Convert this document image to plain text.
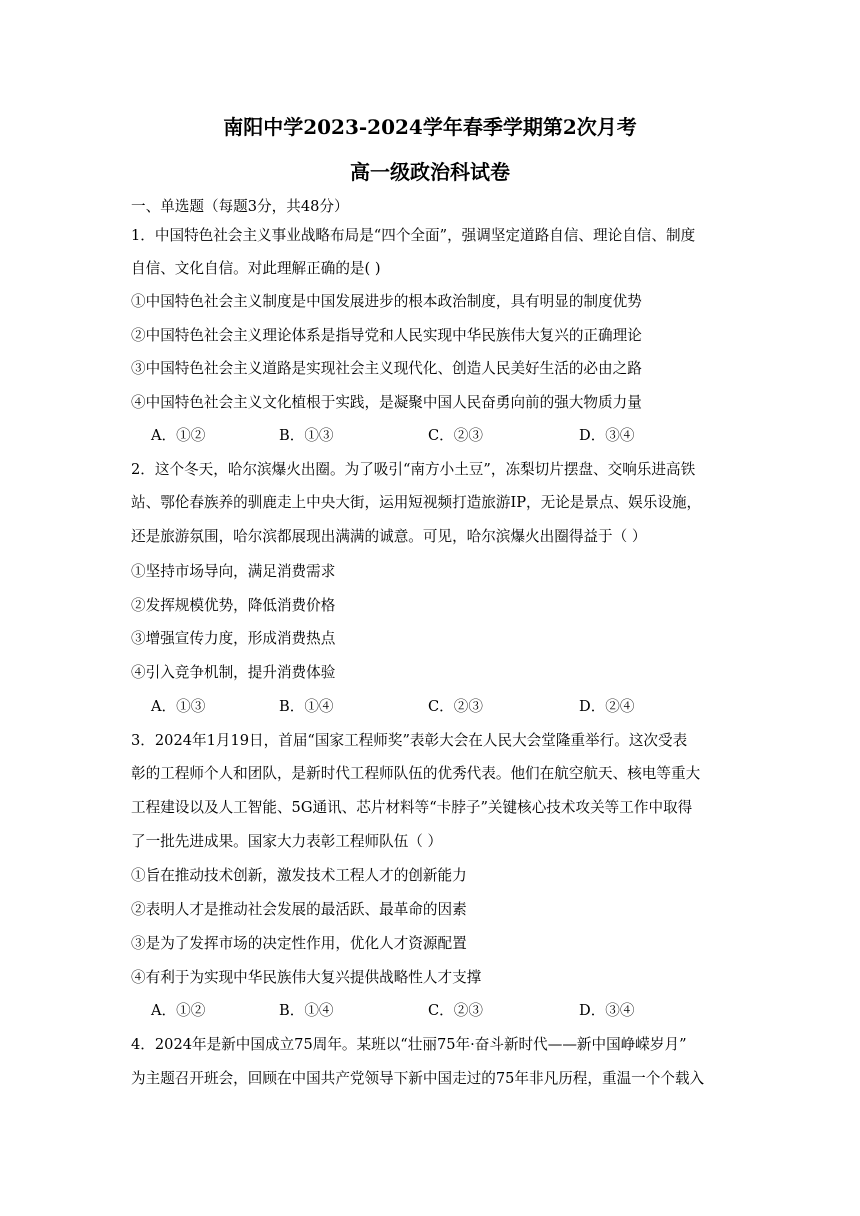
南阳中学2023-2024学年春季学期第2次月考
高一级政治科试卷
一、单选题（每题3分，共48分）
1．中国特色社会主义事业战略布局是“四个全面”，强调坚定道路自信、理论自信、制度
自信、文化自信。对此理解正确的是( )
①中国特色社会主义制度是中国发展进步的根本政治制度，具有明显的制度优势
②中国特色社会主义理论体系是指导党和人民实现中华民族伟大复兴的正确理论
③中国特色社会主义道路是实现社会主义现代化、创造人民美好生活的必由之路
④中国特色社会主义文化植根于实践，是凝聚中国人民奋勇向前的强大物质力量
A．①②	B．①③	C．②③	D．③④
2．这个冬天，哈尔滨爆火出圈。为了吸引“南方小土豆”，冻梨切片摆盘、交响乐进高铁
站、鄂伦春族养的驯鹿走上中央大街，运用短视频打造旅游IP，无论是景点、娱乐设施，
还是旅游氛围，哈尔滨都展现出满满的诚意。可见，哈尔滨爆火出圈得益于（ ）
①坚持市场导向，满足消费需求
②发挥规模优势，降低消费价格
③增强宣传力度，形成消费热点
④引入竞争机制，提升消费体验
A．①③	B．①④	C．②③	D．②④
3．2024年1月19日，首届“国家工程师奖”表彰大会在人民大会堂隆重举行。这次受表
彰的工程师个人和团队，是新时代工程师队伍的优秀代表。他们在航空航天、核电等重大
工程建设以及人工智能、5G通讯、芯片材料等“卡脖子”关键核心技术攻关等工作中取得
了一批先进成果。国家大力表彰工程师队伍（ ）
①旨在推动技术创新，激发技术工程人才的创新能力
②表明人才是推动社会发展的最活跃、最革命的因素
③是为了发挥市场的决定性作用，优化人才资源配置
④有利于为实现中华民族伟大复兴提供战略性人才支撑
A．①②	B．①④	C．②③	D．③④
4．2024年是新中国成立75周年。某班以“壮丽75年·奋斗新时代——新中国峥嵘岁月”
为主题召开班会，回顾在中国共产党领导下新中国走过的75年非凡历程，重温一个个载入
